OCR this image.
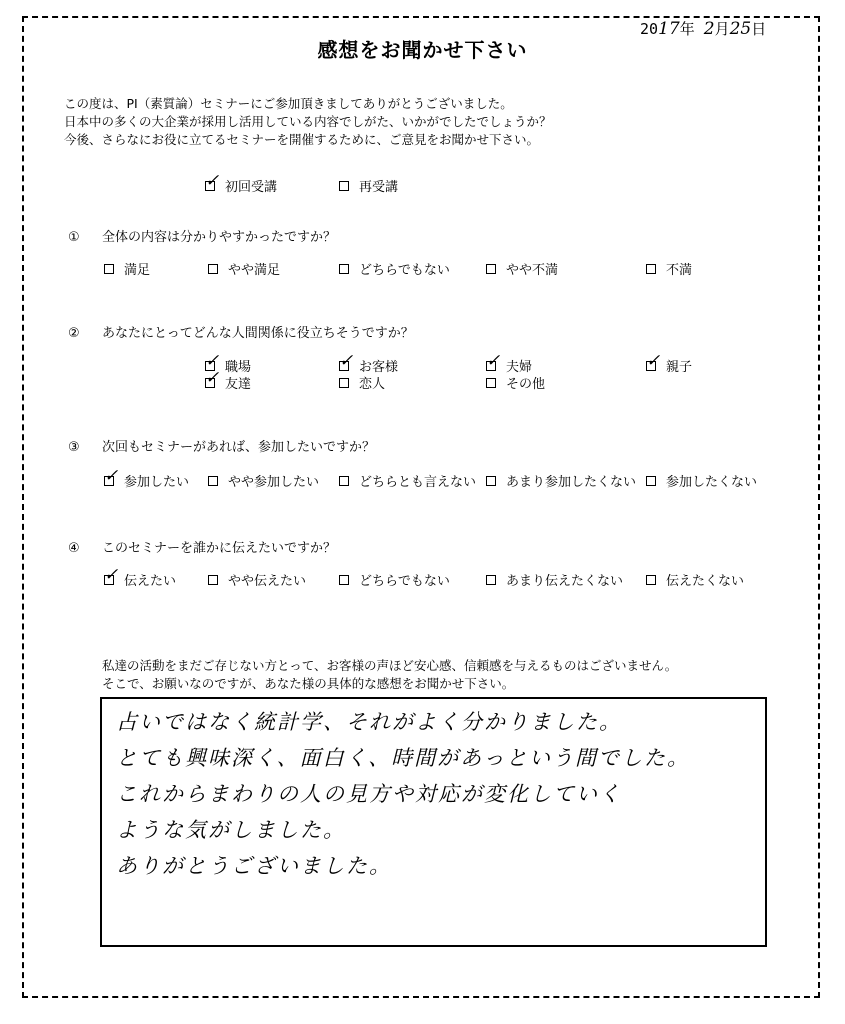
2017年 2月25日
感想をお聞かせ下さい
この度は、PI（素質論）セミナーにご参加頂きましてありがとうございました。
日本中の多くの大企業が採用し活用している内容でしがた、いかがでしたでしょうか？
今後、さらなにお役に立てるセミナーを開催するために、ご意見をお聞かせ下さい。
✓ 初回受講	再受講
① 全体の内容は分かりやすかったですか？
満足	やや満足	どちらでもない	やや不満	不満
② あなたにとってどんな人間関係に役立ちそうですか？
✓ 職場	✓ お客様	✓ 夫婦	✓ 親子
✓ 友達	恋人	その他
③ 次回もセミナーがあれば、参加したいですか？
✓ 参加したい	やや参加したい	どちらとも言えない あまり参加したくない 参加したくない
④ このセミナーを誰かに伝えたいですか？
✓ 伝えたい	やや伝えたい	どちらでもない	あまり伝えたくない	伝えたくない
私達の活動をまだご存じない方とって、お客様の声ほど安心感、信頼感を与えるものはございません。
そこで、お願いなのですが、あなた様の具体的な感想をお聞かせ下さい。
占いではなく統計学、それがよく分かりました。
とても興味深く、面白く、時間があっという間でした。
これからまわりの人の見方や対応が変化していく
ような気がしました。
ありがとうございました。
